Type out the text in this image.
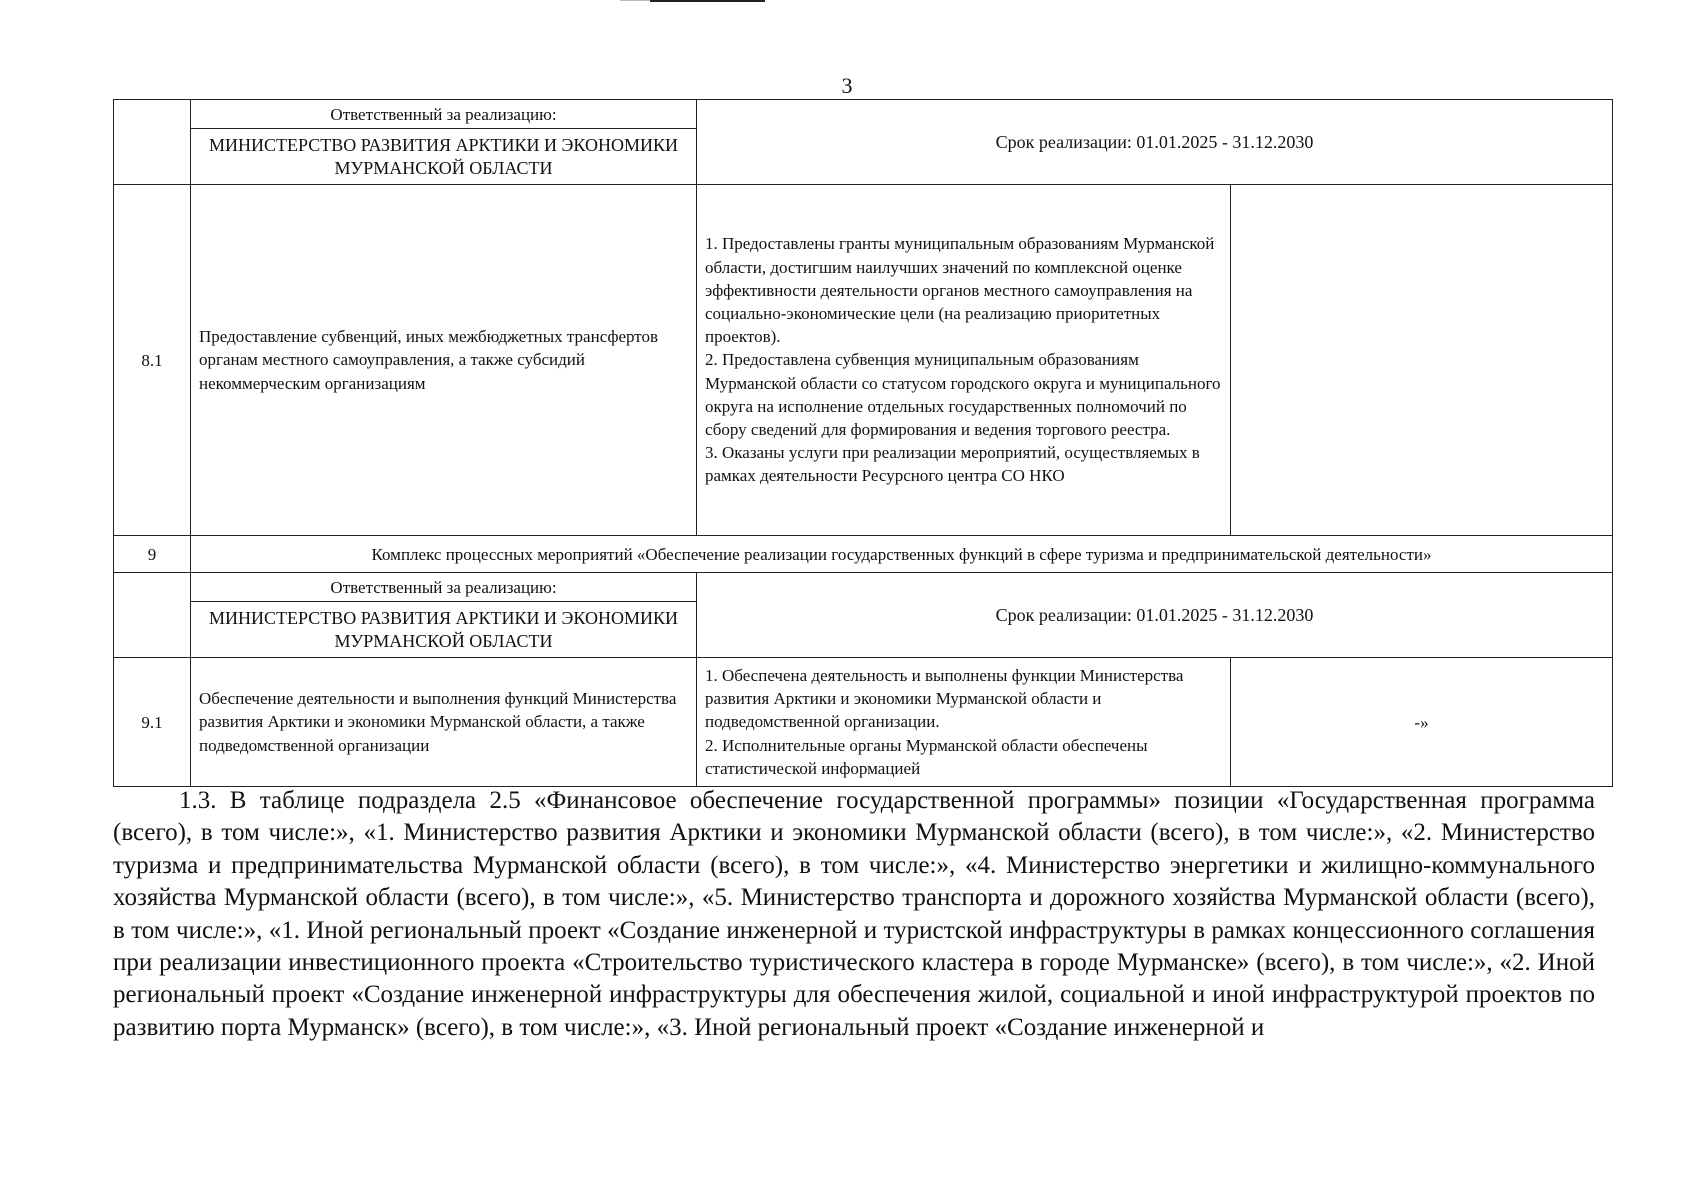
3
	Ответственный за реализацию:	Срок реализации: 01.01.2025 - 31.12.2030	
	МИНИСТЕРСТВО РАЗВИТИЯ АРКТИКИ И ЭКОНОМИКИ МУРМАНСКОЙ ОБЛАСТИ		
8.1	Предоставление субвенций, иных межбюджетных трансфертов органам местного самоуправления, а также субсидий некоммерческим организациям	1. Предоставлены гранты муниципальным образованиям Мурманской области, достигшим наилучших значений по комплексной оценке эффективности деятельности органов местного самоуправления на социально-экономические цели (на реализацию приоритетных проектов).
2. Предоставлена субвенция муниципальным образованиям Мурманской области со статусом городского округа и муниципального округа на исполнение отдельных государственных полномочий по сбору сведений для формирования и ведения торгового реестра.
3. Оказаны услуги при реализации мероприятий, осуществляемых в рамках деятельности Ресурсного центра СО НКО	

9	Комплекс процессных мероприятий «Обеспечение реализации государственных функций в сфере туризма и предпринимательской деятельности»		
	Ответственный за реализацию:	Срок реализации: 01.01.2025 - 31.12.2030	
	МИНИСТЕРСТВО РАЗВИТИЯ АРКТИКИ И ЭКОНОМИКИ МУРМАНСКОЙ ОБЛАСТИ		
9.1	Обеспечение деятельности и выполнения функций Министерства развития Арктики и экономики Мурманской области, а также подведомственной организации	1. Обеспечена деятельность и выполнены функции Министерства развития Арктики и экономики Мурманской области и подведомственной организации.
2. Исполнительные органы Мурманской области обеспечены статистической информацией	-»

1.3. В таблице подраздела 2.5 «Финансовое обеспечение государственной программы» позиции «Государственная программа (всего), в том числе:», «1. Министерство развития Арктики и экономики Мурманской области (всего), в том числе:», «2. Министерство туризма и предпринимательства Мурманской области (всего), в том числе:», «4. Министерство энергетики и жилищно-коммунального хозяйства Мурманской области (всего), в том числе:», «5. Министерство транспорта и дорожного хозяйства Мурманской области (всего), в том числе:», «1. Иной региональный проект «Создание инженерной и туристской инфраструктуры в рамках концессионного соглашения при реализации инвестиционного проекта «Строительство туристического кластера в городе Мурманске» (всего), в том числе:», «2. Иной региональный проект «Создание инженерной инфраструктуры для обеспечения жилой, социальной и иной инфраструктурой проектов по развитию порта Мурманск» (всего), в том числе:», «3. Иной региональный проект «Создание инженерной и
